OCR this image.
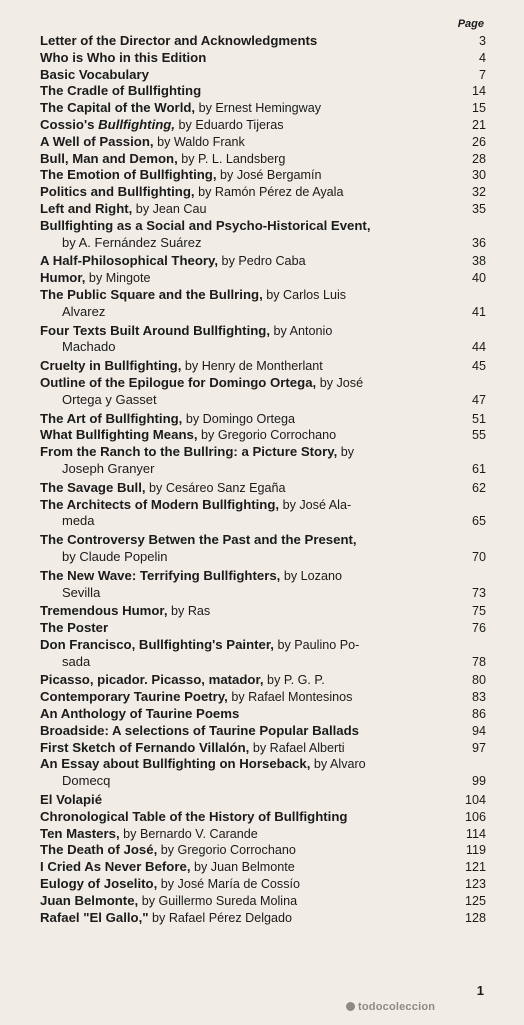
Page
Letter of the Director and Acknowledgments	3
Who is Who in this Edition	4
Basic Vocabulary	7
The Cradle of Bullfighting	14
The Capital of the World, by Ernest Hemingway	15
Cossio's Bullfighting, by Eduardo Tijeras	21
A Well of Passion, by Waldo Frank	26
Bull, Man and Demon, by P. L. Landsberg	28
The Emotion of Bullfighting, by José Bergamín	30
Politics and Bullfighting, by Ramón Pérez de Ayala	32
Left and Right, by Jean Cau	35
Bullfighting as a Social and Psycho-Historical Event,
by A. Fernández Suárez	36
A Half-Philosophical Theory, by Pedro Caba	38
Humor, by Mingote	40
The Public Square and the Bullring, by Carlos Luis
Alvarez	41
Four Texts Built Around Bullfighting, by Antonio
Machado	44
Cruelty in Bullfighting, by Henry de Montherlant	45
Outline of the Epilogue for Domingo Ortega, by José
Ortega y Gasset	47
The Art of Bullfighting, by Domingo Ortega	51
What Bullfighting Means, by Gregorio Corrochano	55
From the Ranch to the Bullring: a Picture Story, by
Joseph Granyer	61
The Savage Bull, by Cesáreo Sanz Egaña	62
The Architects of Modern Bullfighting, by José Ala-
meda	65
The Controversy Betwen the Past and the Present,
by Claude Popelin	70
The New Wave: Terrifying Bullfighters, by Lozano
Sevilla	73
Tremendous Humor, by Ras	75
The Poster	76
Don Francisco, Bullfighting's Painter, by Paulino Po-
sada	78
Picasso, picador. Picasso, matador, by P. G. P.	80
Contemporary Taurine Poetry, by Rafael Montesinos	83
An Anthology of Taurine Poems	86
Broadside: A selections of Taurine Popular Ballads	94
First Sketch of Fernando Villalón, by Rafael Alberti	97
An Essay about Bullfighting on Horseback, by Alvaro
Domecq	99
El Volapié	104
Chronological Table of the History of Bullfighting	106
Ten Masters, by Bernardo V. Carande	114
The Death of José, by Gregorio Corrochano	119
I Cried As Never Before, by Juan Belmonte	121
Eulogy of Joselito, by José María de Cossío	123
Juan Belmonte, by Guillermo Sureda Molina	125
Rafael "El Gallo," by Rafael Pérez Delgado	128
1
todocoleccion
